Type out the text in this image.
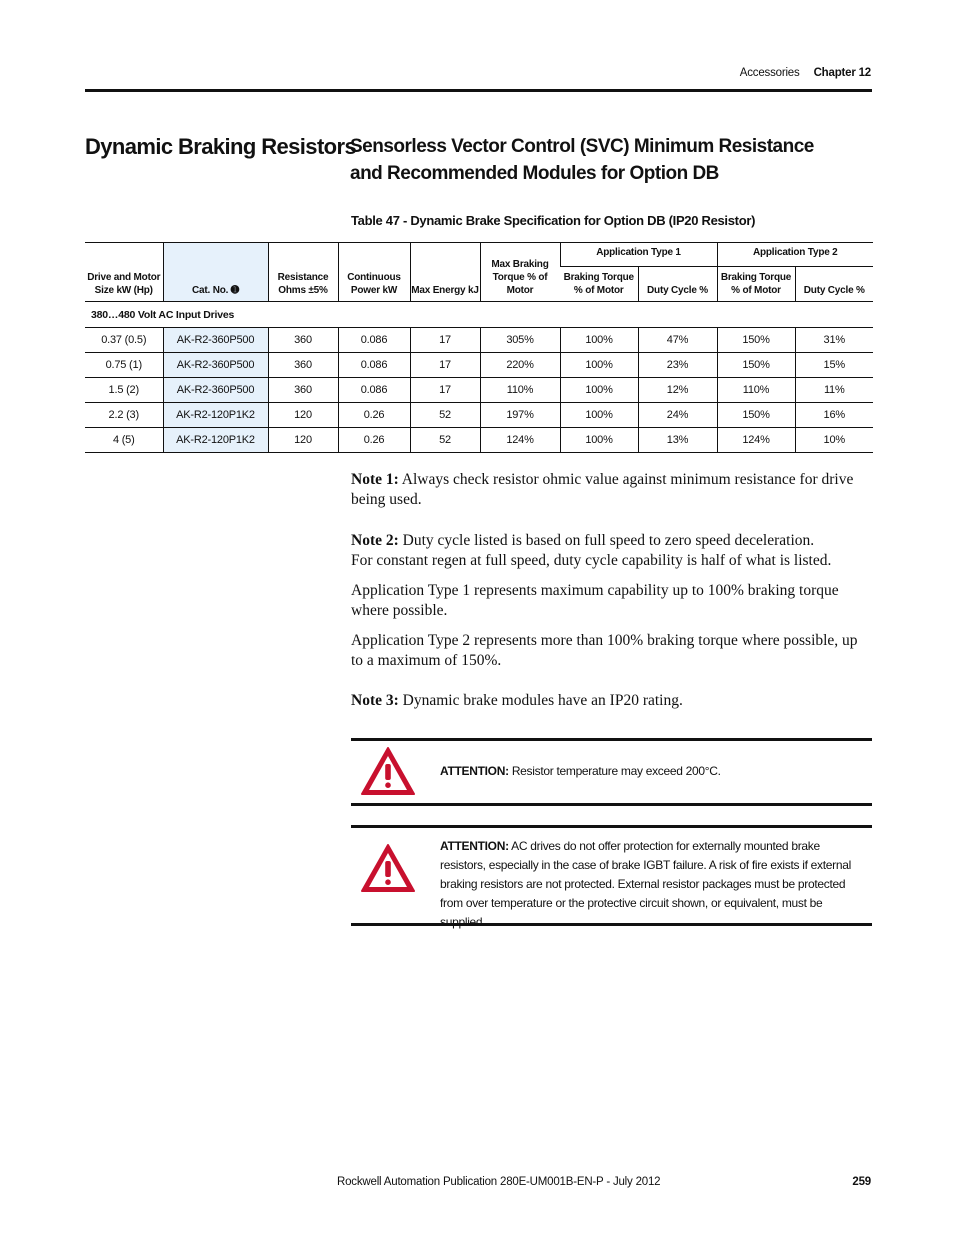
Accessories Chapter 12
Dynamic Braking Resistors
Sensorless Vector Control (SVC) Minimum Resistance and Recommended Modules for Option DB
Table 47 - Dynamic Brake Specification for Option DB (IP20 Resistor)
Drive and Motor Size kW (Hp)	Cat. No. ➊	Resistance Ohms ±5%	Continuous Power kW	Max Energy kJ	Max Braking Torque % of Motor	Application Type 1		Application Type 2	
						Braking Torque % of Motor	Duty Cycle %	Braking Torque % of Motor	Duty Cycle %
380…480 Volt AC Input Drives									
0.37 (0.5)	AK-R2-360P500	360	0.086	17	305%	100%	47%	150%	31%
0.75 (1)	AK-R2-360P500	360	0.086	17	220%	100%	23%	150%	15%
1.5 (2)	AK-R2-360P500	360	0.086	17	110%	100%	12%	110%	11%
2.2 (3)	AK-R2-120P1K2	120	0.26	52	197%	100%	24%	150%	16%
4 (5)	AK-R2-120P1K2	120	0.26	52	124%	100%	13%	124%	10%

Note 1: Always check resistor ohmic value against minimum resistance for drive being used.

Note 2: Duty cycle listed is based on full speed to zero speed deceleration.
For constant regen at full speed, duty cycle capability is half of what is listed.

Application Type 1 represents maximum capability up to 100% braking torque where possible.

Application Type 2 represents more than 100% braking torque where possible, up to a maximum of 150%.

Note 3: Dynamic brake modules have an IP20 rating.

ATTENTION: Resistor temperature may exceed 200°C.
ATTENTION: AC drives do not offer protection for externally mounted brake resistors, especially in the case of brake IGBT failure. A risk of fire exists if external braking resistors are not protected. External resistor packages must be protected from over temperature or the protective circuit shown, or equivalent, must be supplied.
Rockwell Automation Publication 280E-UM001B-EN-P - July 2012	259
